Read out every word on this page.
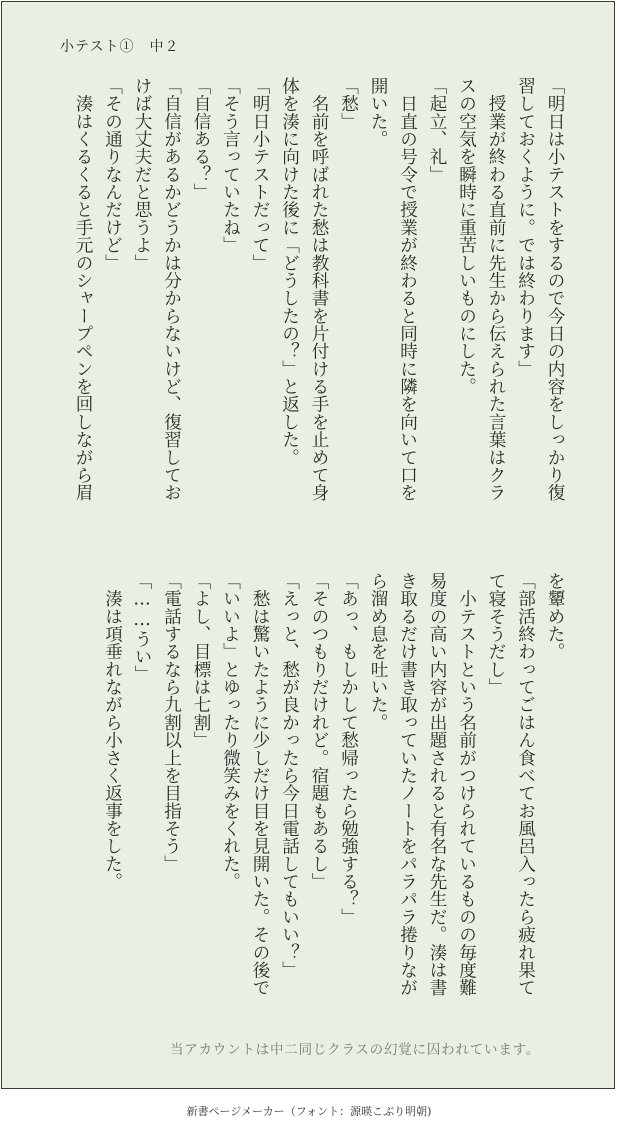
小テスト①　中２
「明日は小テストをするので今日の内容をしっかり復
習しておくように。では終わります」
　授業が終わる直前に先生から伝えられた言葉はクラ
スの空気を瞬時に重苦しいものにした。
「起立、礼」
　日直の号令で授業が終わると同時に隣を向いて口を
開いた。
「愁」
　名前を呼ばれた愁は教科書を片付ける手を止めて身
体を湊に向けた後に「どうしたの？」と返した。
「明日小テストだって」
「そう言っていたね」
「自信ある？」
「自信があるかどうかは分からないけど、復習してお
けば大丈夫だと思うよ」
「その通りなんだけど」
　湊はくるくると手元のシャープペンを回しながら眉
を顰めた。
「部活終わってごはん食べてお風呂入ったら疲れ果て
て寝そうだし」
　小テストという名前がつけられているものの毎度難
易度の高い内容が出題されると有名な先生だ。湊は書
き取るだけ書き取っていたノートをパラパラ捲りなが
ら溜め息を吐いた。
「あっ、もしかして愁帰ったら勉強する？」
「そのつもりだけれど。宿題もあるし」
「えっと、愁が良かったら今日電話してもいい？」
　愁は驚いたように少しだけ目を見開いた。その後で
「いいよ」とゆったり微笑みをくれた。
「よし、目標は七割」
「電話するなら九割以上を目指そう」
「……うい」
　湊は項垂れながら小さく返事をした。
当アカウントは中二同じクラスの幻覚に囚われています。
新書ページメーカー（フォント：源暎こぶり明朝)
